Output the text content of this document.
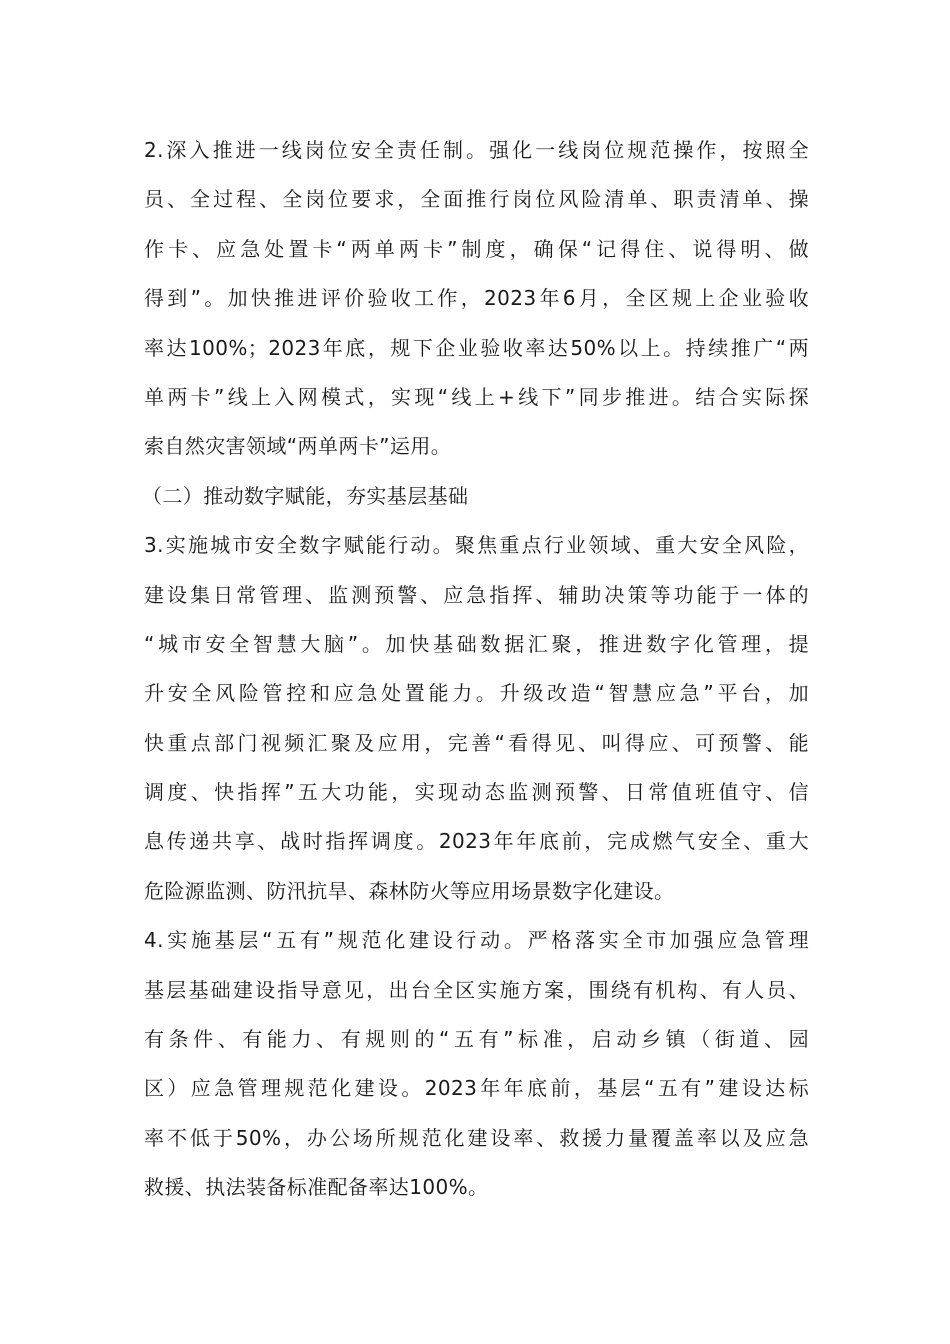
2.深入推进一线岗位安全责任制。强化一线岗位规范操作，按照全
员、全过程、全岗位要求，全面推行岗位风险清单、职责清单、操
作卡、应急处置卡“两单两卡”制度，确保“记得住、说得明、做
得到”。加快推进评价验收工作，2023年6月，全区规上企业验收
率达100%；2023年底，规下企业验收率达50%以上。持续推广“两
单两卡”线上入网模式，实现“线上+线下”同步推进。结合实际探
索自然灾害领域“两单两卡”运用。
（二）推动数字赋能，夯实基层基础
3.实施城市安全数字赋能行动。聚焦重点行业领域、重大安全风险，
建设集日常管理、监测预警、应急指挥、辅助决策等功能于一体的
“城市安全智慧大脑”。加快基础数据汇聚，推进数字化管理，提
升安全风险管控和应急处置能力。升级改造“智慧应急”平台，加
快重点部门视频汇聚及应用，完善“看得见、叫得应、可预警、能
调度、快指挥”五大功能，实现动态监测预警、日常值班值守、信
息传递共享、战时指挥调度。2023年年底前，完成燃气安全、重大
危险源监测、防汛抗旱、森林防火等应用场景数字化建设。
4.实施基层“五有”规范化建设行动。严格落实全市加强应急管理
基层基础建设指导意见，出台全区实施方案，围绕有机构、有人员、
有条件、有能力、有规则的“五有”标准，启动乡镇（街道、园
区）应急管理规范化建设。2023年年底前，基层“五有”建设达标
率不低于50%，办公场所规范化建设率、救援力量覆盖率以及应急
救援、执法装备标准配备率达100%。
